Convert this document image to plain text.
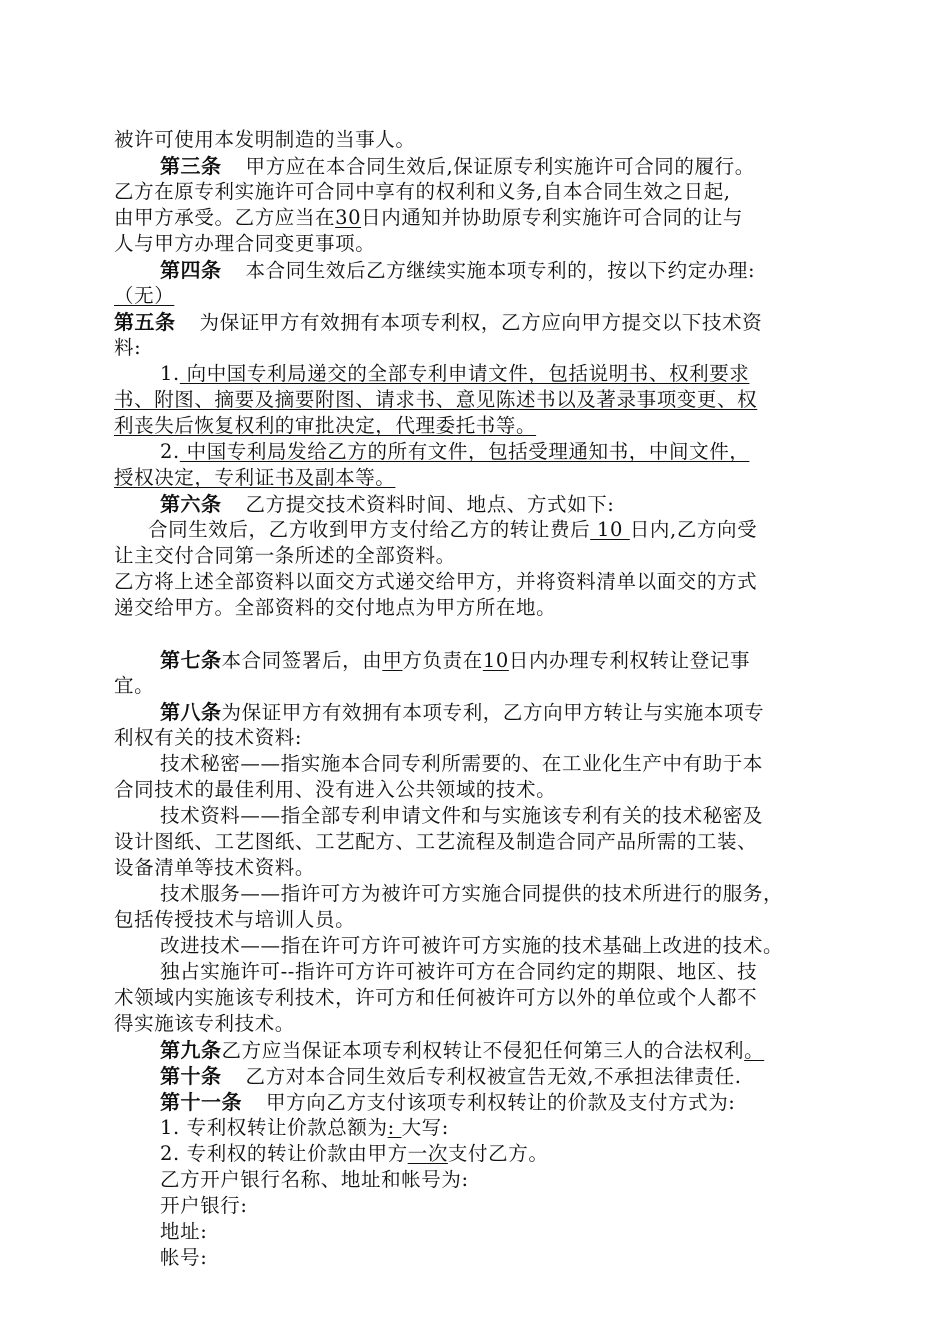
被许可使用本发明制造的当事人。
第三条 甲方应在本合同生效后,保证原专利实施许可合同的履行。
乙方在原专利实施许可合同中享有的权利和义务,自本合同生效之日起,
由甲方承受。乙方应当在30日内通知并协助原专利实施许可合同的让与
人与甲方办理合同变更事项。
第四条 本合同生效后乙方继续实施本项专利的，按以下约定办理:
（无）
第五条 为保证甲方有效拥有本项专利权，乙方应向甲方提交以下技术资
料:
1. 向中国专利局递交的全部专利申请文件，包括说明书、权利要求
书、附图、摘要及摘要附图、请求书、意见陈述书以及著录事项变更、权
利丧失后恢复权利的审批决定，代理委托书等。
2. 中国专利局发给乙方的所有文件，包括受理通知书，中间文件，
授权决定，专利证书及副本等。
第六条 乙方提交技术资料时间、地点、方式如下:
合同生效后，乙方收到甲方支付给乙方的转让费后 10 日内,乙方向受
让主交付合同第一条所述的全部资料。
乙方将上述全部资料以面交方式递交给甲方，并将资料清单以面交的方式
递交给甲方。全部资料的交付地点为甲方所在地。
第七条本合同签署后，由甲方负责在10日内办理专利权转让登记事
宜。
第八条为保证甲方有效拥有本项专利，乙方向甲方转让与实施本项专
利权有关的技术资料:
技术秘密——指实施本合同专利所需要的、在工业化生产中有助于本
合同技术的最佳利用、没有进入公共领域的技术。
技术资料——指全部专利申请文件和与实施该专利有关的技术秘密及
设计图纸、工艺图纸、工艺配方、工艺流程及制造合同产品所需的工装、
设备清单等技术资料。
技术服务——指许可方为被许可方实施合同提供的技术所进行的服务，
包括传授技术与培训人员。
改进技术——指在许可方许可被许可方实施的技术基础上改进的技术。
独占实施许可--指许可方许可被许可方在合同约定的期限、地区、技
术领域内实施该专利技术，许可方和任何被许可方以外的单位或个人都不
得实施该专利技术。
第九条乙方应当保证本项专利权转让不侵犯任何第三人的合法权利。
第十条 乙方对本合同生效后专利权被宣告无效,不承担法律责任.
第十一条 甲方向乙方支付该项专利权转让的价款及支付方式为:
1. 专利权转让价款总额为: 大写:
2. 专利权的转让价款由甲方一次支付乙方。
乙方开户银行名称、地址和帐号为:
开户银行:
地址:
帐号:
